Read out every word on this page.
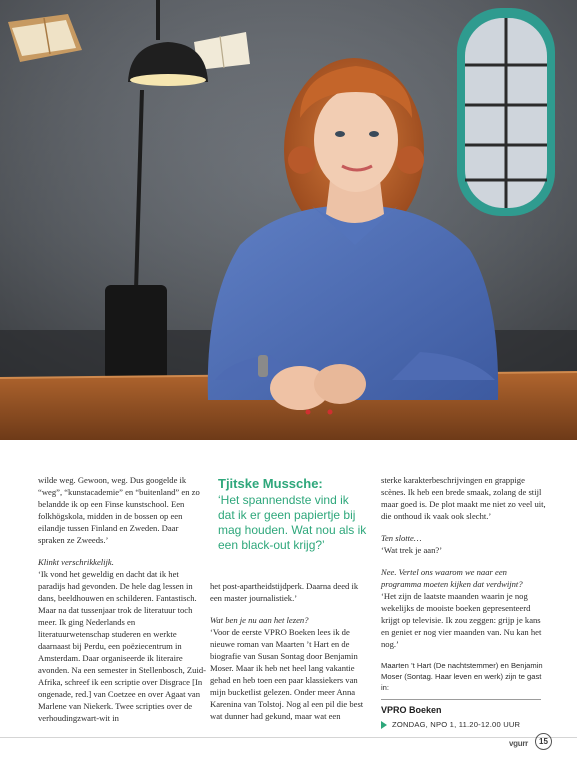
wilde weg. Gewoon, weg. Dus googelde ik “weg”, “kunstacademie” en “buitenland” en zo belandde ik op een Finse kunstschool. Een folkhögskola, midden in de bossen op een eilandje tussen Finland en Zweden. Daar spraken ze Zweeds.’

Klinkt verschrikkelijk.

‘Ik vond het geweldig en dacht dat ik het paradijs had gevonden. De hele dag lessen in dans, beeldhouwen en schilderen. Fantastisch. Maar na dat tussenjaar trok de literatuur toch meer. Ik ging Nederlands en literatuurwetenschap studeren en werkte daarnaast bij Perdu, een poëziecentrum in Amsterdam. Daar organiseerde ik literaire avonden. Na een semester in Stellenbosch, Zuid-Afrika, schreef ik een scriptie over Disgrace [In ongenade, red.] van Coetzee en over Agaat van Marlene van Niekerk. Twee scripties over de verhoudingzwart-wit in

Tjitske Mussche:
‘Het spannendste vind ik dat ik er geen papiertje bij mag houden. Wat nou als ik een black-out krijg?’

het post-apartheidstijdperk. Daarna deed ik een master journalistiek.’

Wat ben je nu aan het lezen?

‘Voor de eerste VPRO Boeken lees ik de nieuwe roman van Maarten ’t Hart en de biografie van Susan Sontag door Benjamin Moser. Maar ik heb net heel lang vakantie gehad en heb toen een paar klassiekers van mijn bucketlist gelezen. Onder meer Anna Karenina van Tolstoj. Nog al een pil die best wat dunner had gekund, maar wat een

sterke karakterbeschrijvingen en grappige scènes. Ik heb een brede smaak, zolang de stijl maar goed is. De plot maakt me niet zo veel uit, die onthoud ik vaak ook slecht.’

Ten slotte…

‘Wat trek je aan?’

Nee. Vertel ons waarom we naar een programma moeten kijken dat verdwijnt?

‘Het zijn de laatste maanden waarin je nog wekelijks de mooiste boeken gepresenteerd krijgt op televisie. Ik zou zeggen: grijp je kans en geniet er nog vier maanden van. Nu kan het nog.’

Maarten ’t Hart (De nachtstemmer) en Benjamin Moser (Sontag. Haar leven en werk) zijn te gast in:
VPRO Boeken
ZONDAG, NPO 1, 11.20-12.00 UUR
vgurr	15
